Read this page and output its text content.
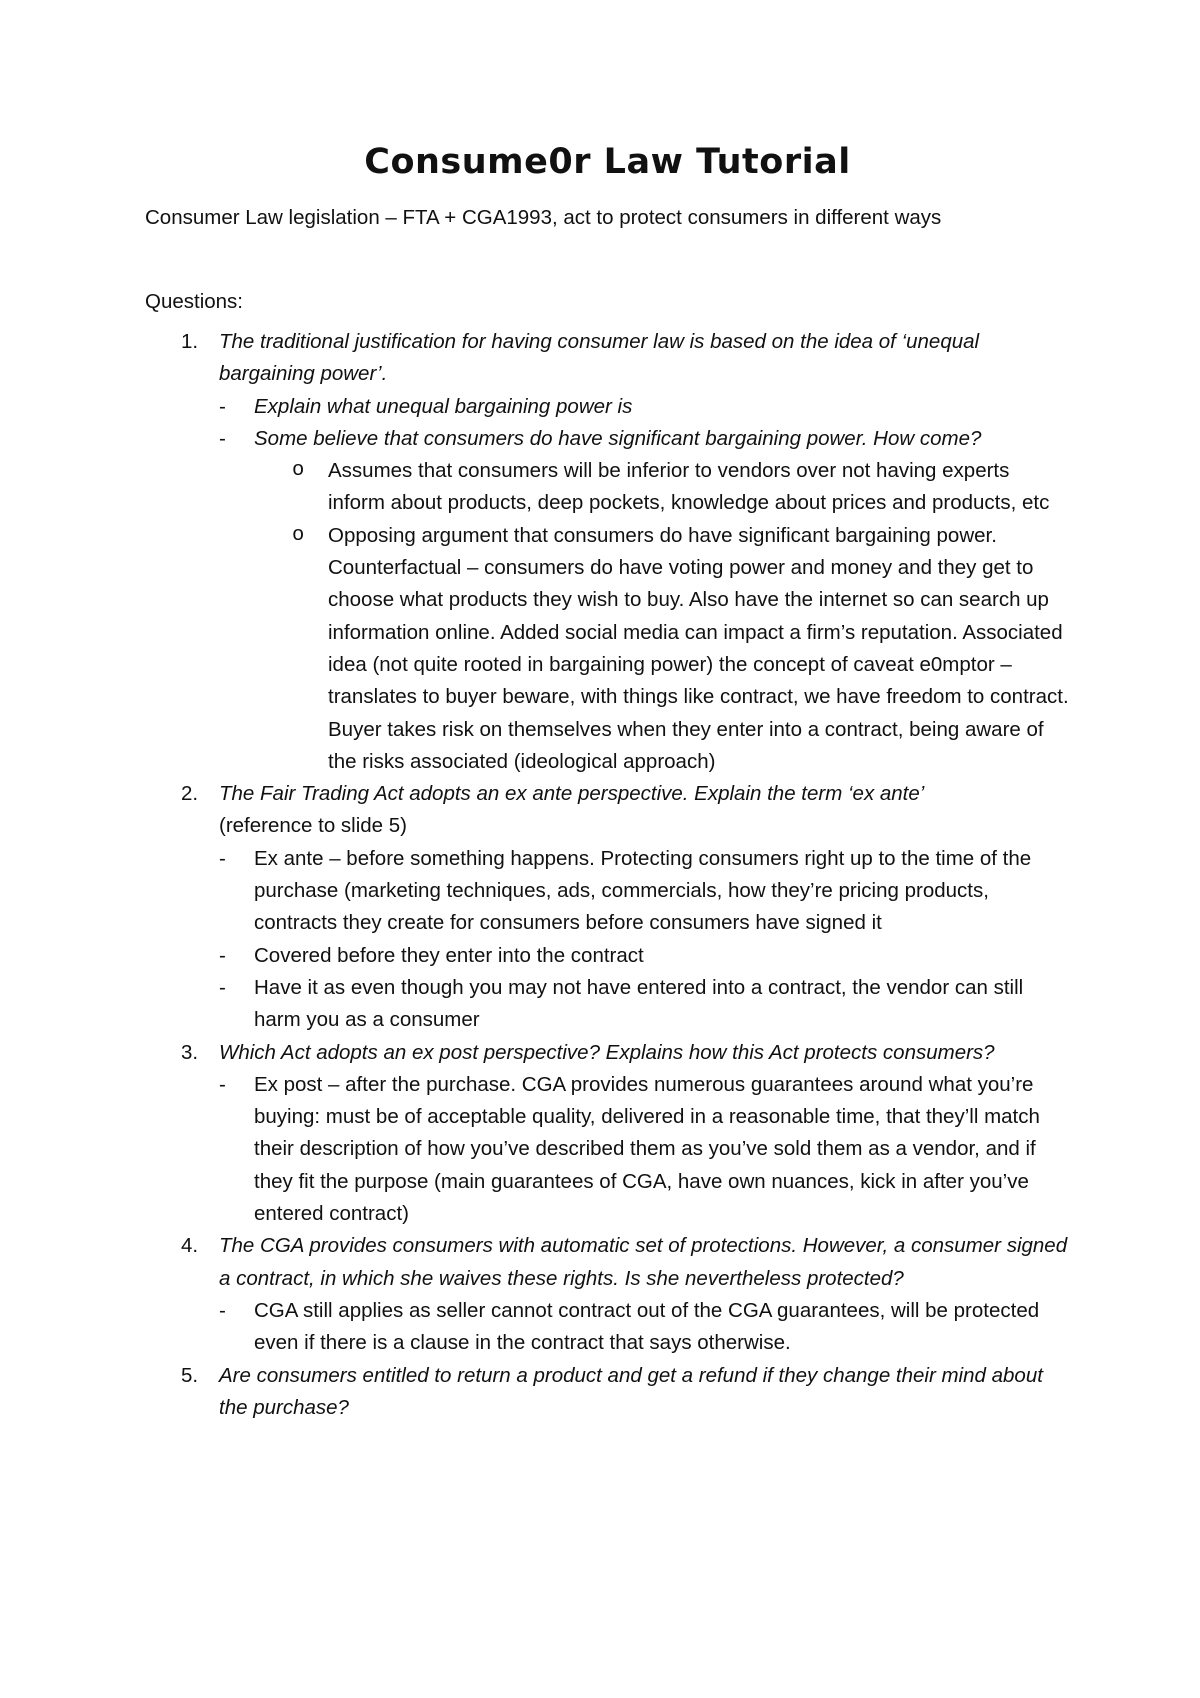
Consume0r Law Tutorial

Consumer Law legislation – FTA + CGA1993, act to protect consumers in different ways

Questions:

1. The traditional justification for having consumer law is based on the idea of ‘unequal bargaining power’.
- Explain what unequal bargaining power is
- Some believe that consumers do have significant bargaining power. How come?
o Assumes that consumers will be inferior to vendors over not having experts inform about products, deep pockets, knowledge about prices and products, etc
o Opposing argument that consumers do have significant bargaining power. Counterfactual – consumers do have voting power and money and they get to choose what products they wish to buy. Also have the internet so can search up information online. Added social media can impact a firm’s reputation. Associated idea (not quite rooted in bargaining power) the concept of caveat e0mptor – translates to buyer beware, with things like contract, we have freedom to contract. Buyer takes risk on themselves when they enter into a contract, being aware of the risks associated (ideological approach)
2. The Fair Trading Act adopts an ex ante perspective. Explain the term ‘ex ante’
(reference to slide 5)
- Ex ante – before something happens. Protecting consumers right up to the time of the purchase (marketing techniques, ads, commercials, how they’re pricing products, contracts they create for consumers before consumers have signed it
- Covered before they enter into the contract
- Have it as even though you may not have entered into a contract, the vendor can still harm you as a consumer
3. Which Act adopts an ex post perspective? Explains how this Act protects consumers?
- Ex post – after the purchase. CGA provides numerous guarantees around what you’re buying: must be of acceptable quality, delivered in a reasonable time, that they’ll match their description of how you’ve described them as you’ve sold them as a vendor, and if they fit the purpose (main guarantees of CGA, have own nuances, kick in after you’ve entered contract)
4. The CGA provides consumers with automatic set of protections. However, a consumer signed a contract, in which she waives these rights. Is she nevertheless protected?
- CGA still applies as seller cannot contract out of the CGA guarantees, will be protected even if there is a clause in the contract that says otherwise.
5. Are consumers entitled to return a product and get a refund if they change their mind about the purchase?
